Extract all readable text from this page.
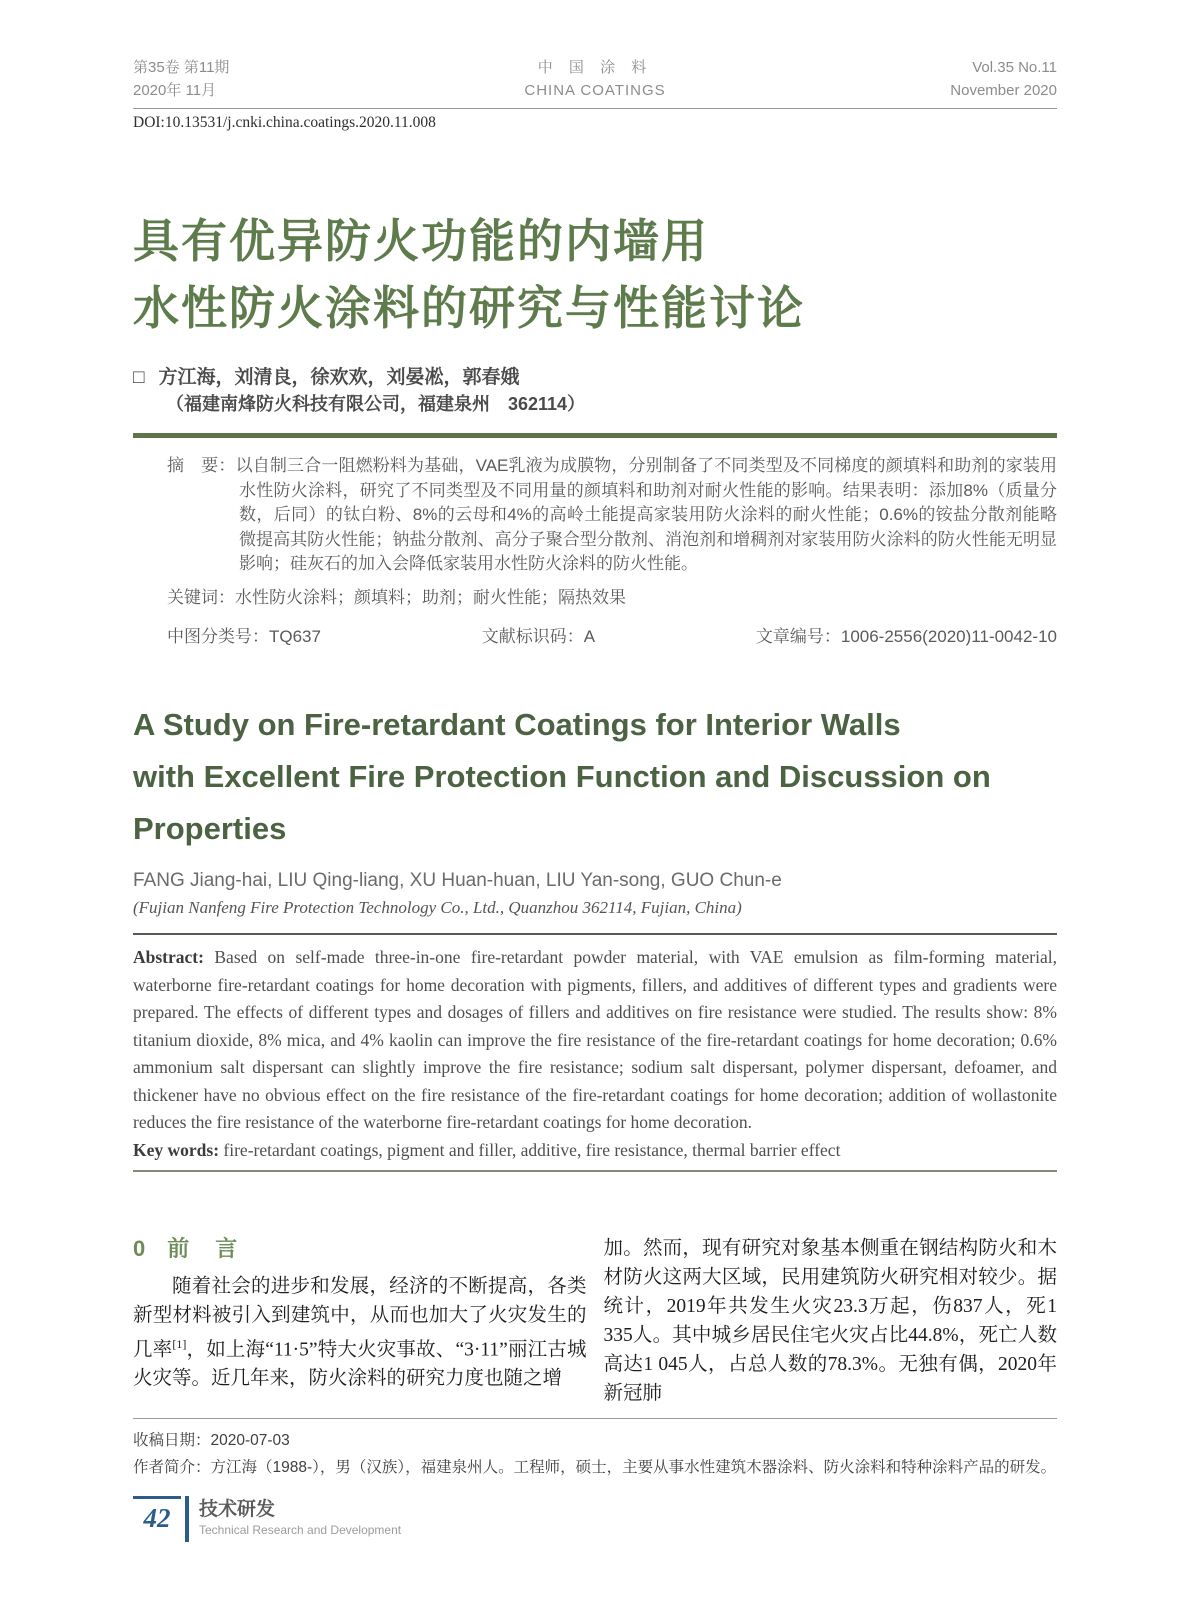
第35卷 第11期
2020年 11月
中 国 涂 料
CHINA COATINGS
Vol.35 No.11
November 2020
DOI:10.13531/j.cnki.china.coatings.2020.11.008
具有优异防火功能的内墙用
水性防火涂料的研究与性能讨论
□ 方江海，刘清良，徐欢欢，刘晏凇，郭春娥
（福建南烽防火科技有限公司，福建泉州　362114）
摘　要：以自制三合一阻燃粉料为基础，VAE乳液为成膜物，分别制备了不同类型及不同梯度的颜填料和助剂的家装用水性防火涂料，研究了不同类型及不同用量的颜填料和助剂对耐火性能的影响。结果表明：添加8%（质量分数，后同）的钛白粉、8%的云母和4%的高岭土能提高家装用防火涂料的耐火性能；0.6%的铵盐分散剂能略微提高其防火性能；钠盐分散剂、高分子聚合型分散剂、消泡剂和增稠剂对家装用防火涂料的防火性能无明显影响；硅灰石的加入会降低家装用水性防火涂料的防火性能。
关键词：水性防火涂料；颜填料；助剂；耐火性能；隔热效果
中图分类号：TQ637	文献标识码：A	文章编号：1006-2556(2020)11-0042-10
A Study on Fire-retardant Coatings for Interior Walls
with Excellent Fire Protection Function and Discussion on
Properties
FANG Jiang-hai, LIU Qing-liang, XU Huan-huan, LIU Yan-song, GUO Chun-e
(Fujian Nanfeng Fire Protection Technology Co., Ltd., Quanzhou 362114, Fujian, China)
Abstract: Based on self-made three-in-one fire-retardant powder material, with VAE emulsion as film-forming material, waterborne fire-retardant coatings for home decoration with pigments, fillers, and additives of different types and gradients were prepared. The effects of different types and dosages of fillers and additives on fire resistance were studied. The results show: 8% titanium dioxide, 8% mica, and 4% kaolin can improve the fire resistance of the fire-retardant coatings for home decoration; 0.6% ammonium salt dispersant can slightly improve the fire resistance; sodium salt dispersant, polymer dispersant, defoamer, and thickener have no obvious effect on the fire resistance of the fire-retardant coatings for home decoration; addition of wollastonite reduces the fire resistance of the waterborne fire-retardant coatings for home decoration.
Key words: fire-retardant coatings, pigment and filler, additive, fire resistance, thermal barrier effect
0 前　言
随着社会的进步和发展，经济的不断提高，各类新型材料被引入到建筑中，从而也加大了火灾发生的几率[1]，如上海“11·5”特大火灾事故、“3·11”丽江古城火灾等。近几年来，防火涂料的研究力度也随之增
加。然而，现有研究对象基本侧重在钢结构防火和木材防火这两大区域，民用建筑防火研究相对较少。据统计，2019年共发生火灾23.3万起，伤837人，死1 335人。其中城乡居民住宅火灾占比44.8%，死亡人数高达1 045人，占总人数的78.3%。无独有偶，2020年新冠肺
收稿日期：2020-07-03
作者简介：方江海（1988-），男（汉族），福建泉州人。工程师，硕士，主要从事水性建筑木器涂料、防火涂料和特种涂料产品的研发。
42	技术研发
Technical Research and Development
